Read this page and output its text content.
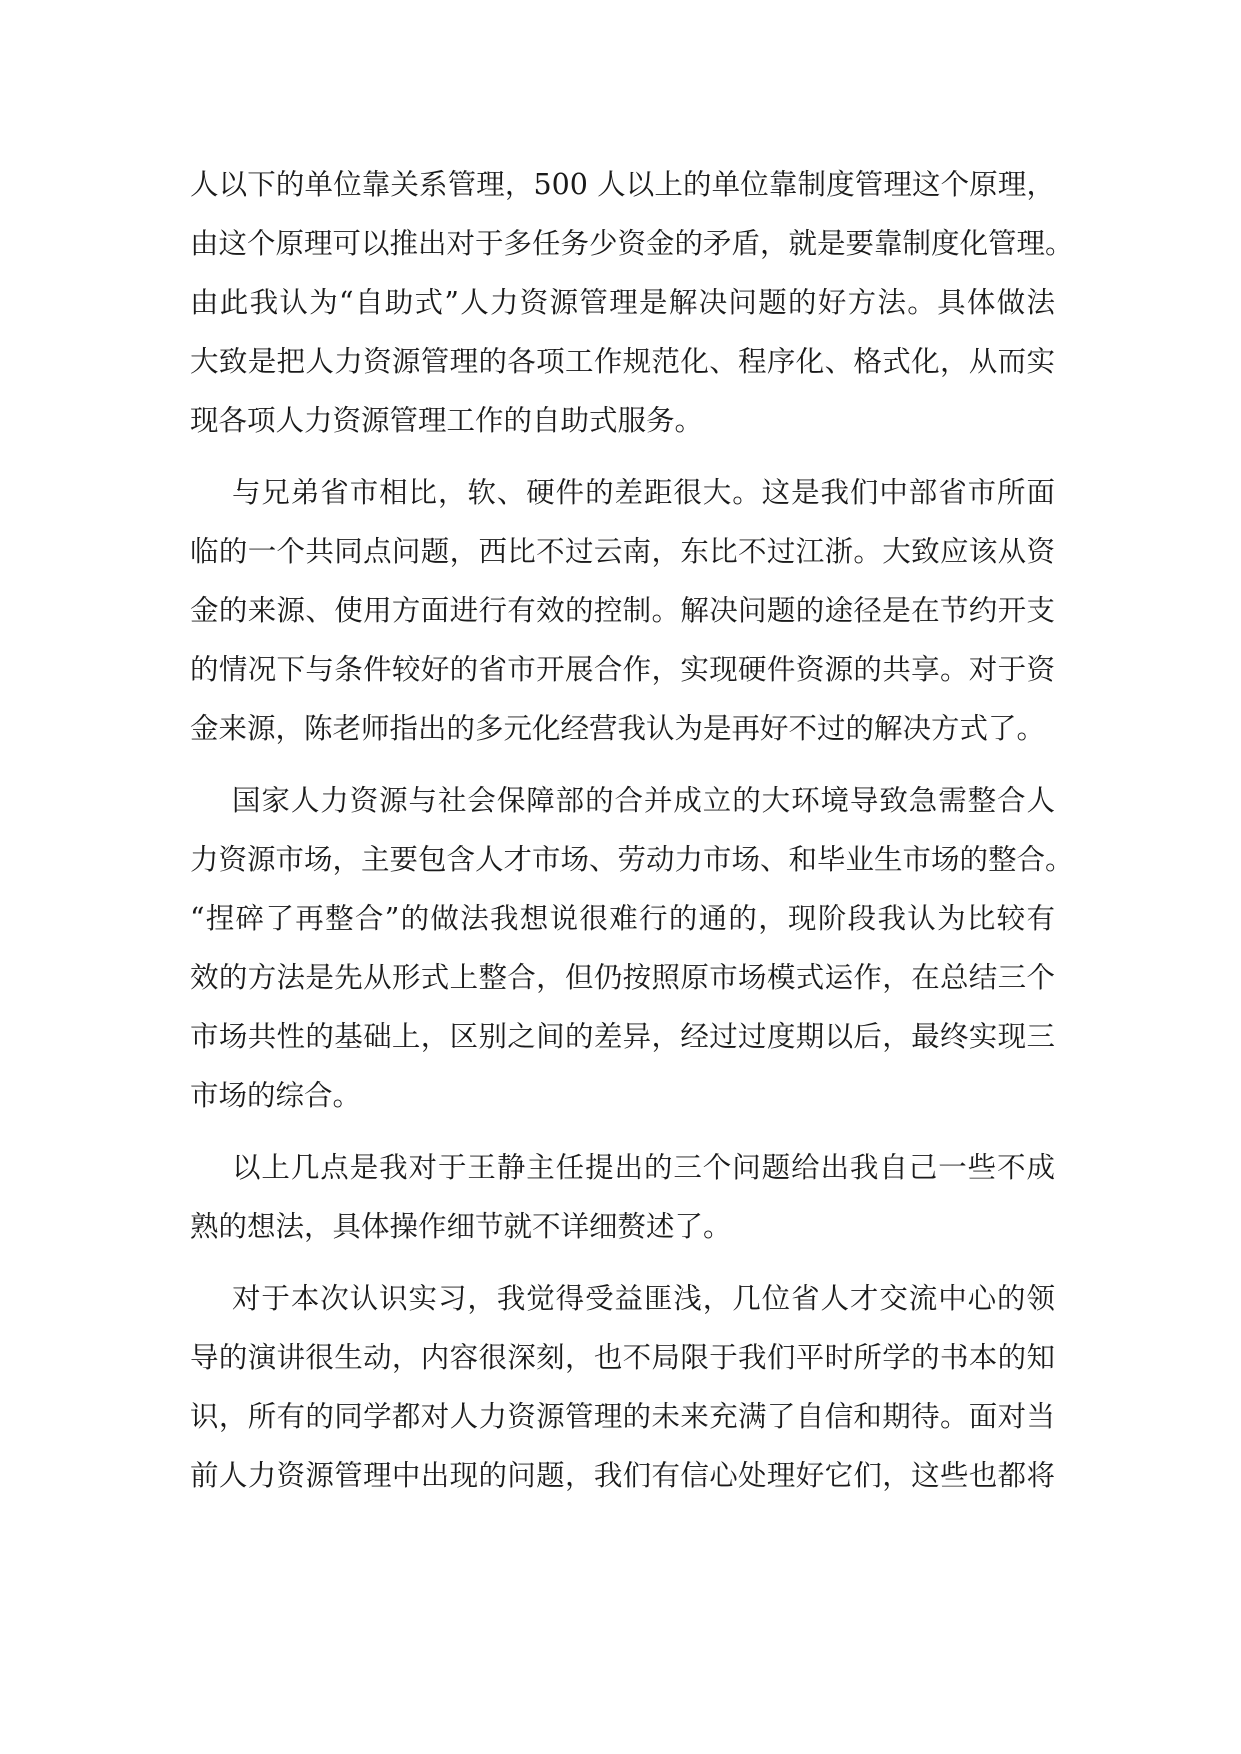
人以下的单位靠关系管理，500 人以上的单位靠制度管理这个原理，
由这个原理可以推出对于多任务少资金的矛盾，就是要靠制度化管理。
由此我认为“自助式”人力资源管理是解决问题的好方法。具体做法
大致是把人力资源管理的各项工作规范化、程序化、格式化，从而实
现各项人力资源管理工作的自助式服务。
与兄弟省市相比，软、硬件的差距很大。这是我们中部省市所面
临的一个共同点问题，西比不过云南，东比不过江浙。大致应该从资
金的来源、使用方面进行有效的控制。解决问题的途径是在节约开支
的情况下与条件较好的省市开展合作，实现硬件资源的共享。对于资
金来源，陈老师指出的多元化经营我认为是再好不过的解决方式了。
国家人力资源与社会保障部的合并成立的大环境导致急需整合人
力资源市场，主要包含人才市场、劳动力市场、和毕业生市场的整合。
“捏碎了再整合”的做法我想说很难行的通的，现阶段我认为比较有
效的方法是先从形式上整合，但仍按照原市场模式运作，在总结三个
市场共性的基础上，区别之间的差异，经过过度期以后，最终实现三
市场的综合。
以上几点是我对于王静主任提出的三个问题给出我自己一些不成
熟的想法，具体操作细节就不详细赘述了。
对于本次认识实习，我觉得受益匪浅，几位省人才交流中心的领
导的演讲很生动，内容很深刻，也不局限于我们平时所学的书本的知
识，所有的同学都对人力资源管理的未来充满了自信和期待。面对当
前人力资源管理中出现的问题，我们有信心处理好它们，这些也都将
